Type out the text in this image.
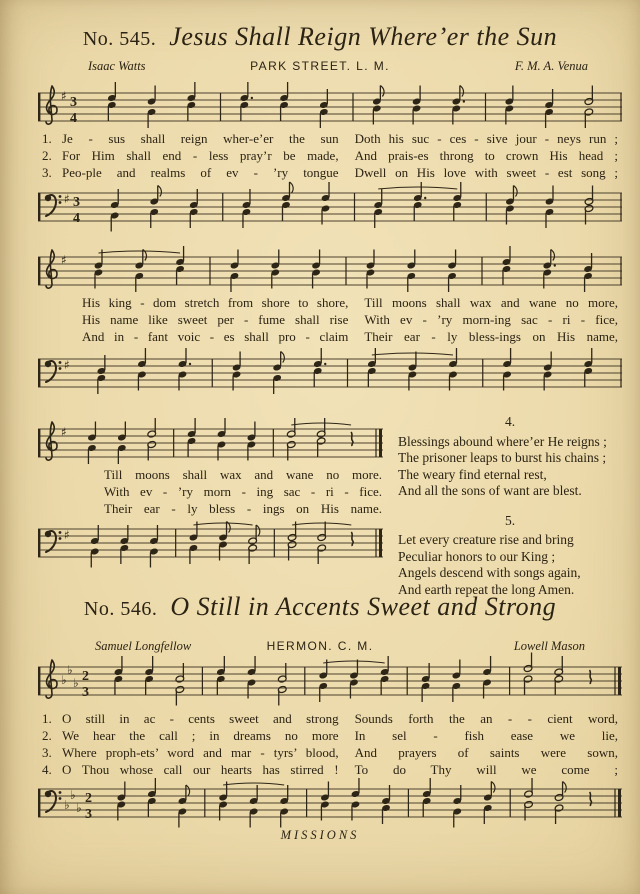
No. 545. Jesus Shall Reign Where’er the Sun
Isaac Watts	PARK STREET. L. M.	F. M. A. Venua
♯ 3
4
1. Je - sus shall reign wher-e’er the sun	Doth his suc - ces - sive jour - neys run ;
2. For Him shall end - less pray’r be made,	And prais-es throng to crown His head ;
3. Peo-ple and realms of ev - ’ry tongue	Dwell on His love with sweet - est song ;
♯ 3
4
♯
His king - dom stretch from shore to shore,	Till moons shall wax and wane no more,
His name like sweet per - fume shall rise	With ev - ’ry morn-ing sac - ri - fice,
And in - fant voic - es shall pro - claim	Their ear - ly bless-ings on His name,
♯
♯
Till moons shall wax and wane no more.
With ev - ’ry morn - ing sac - ri - fice.
Their ear - ly bless - ings on His name.
♯
4.
Blessings abound where’er He reigns ;
The prisoner leaps to burst his chains ;
The weary find eternal rest,
And all the sons of want are blest.
5.
Let every creature rise and bring
Peculiar honors to our King ;
Angels descend with songs again,
And earth repeat the long Amen.
No. 546. O Still in Accents Sweet and Strong
Samuel Longfellow	HERMON. C. M.	Lowell Mason
♭
♭
♭ 2
3
1. O still in ac - cents sweet and strong	Sounds forth the an - - cient word,
2. We hear the call ; in dreams no more	In sel - fish ease we lie,
3. Where proph-ets’ word and mar - tyrs’ blood,	And prayers of saints were sown,
4. O Thou whose call our hearts has stirred !	To do Thy will we come ;
♭
♭
♭
2
3
MISSIONS
